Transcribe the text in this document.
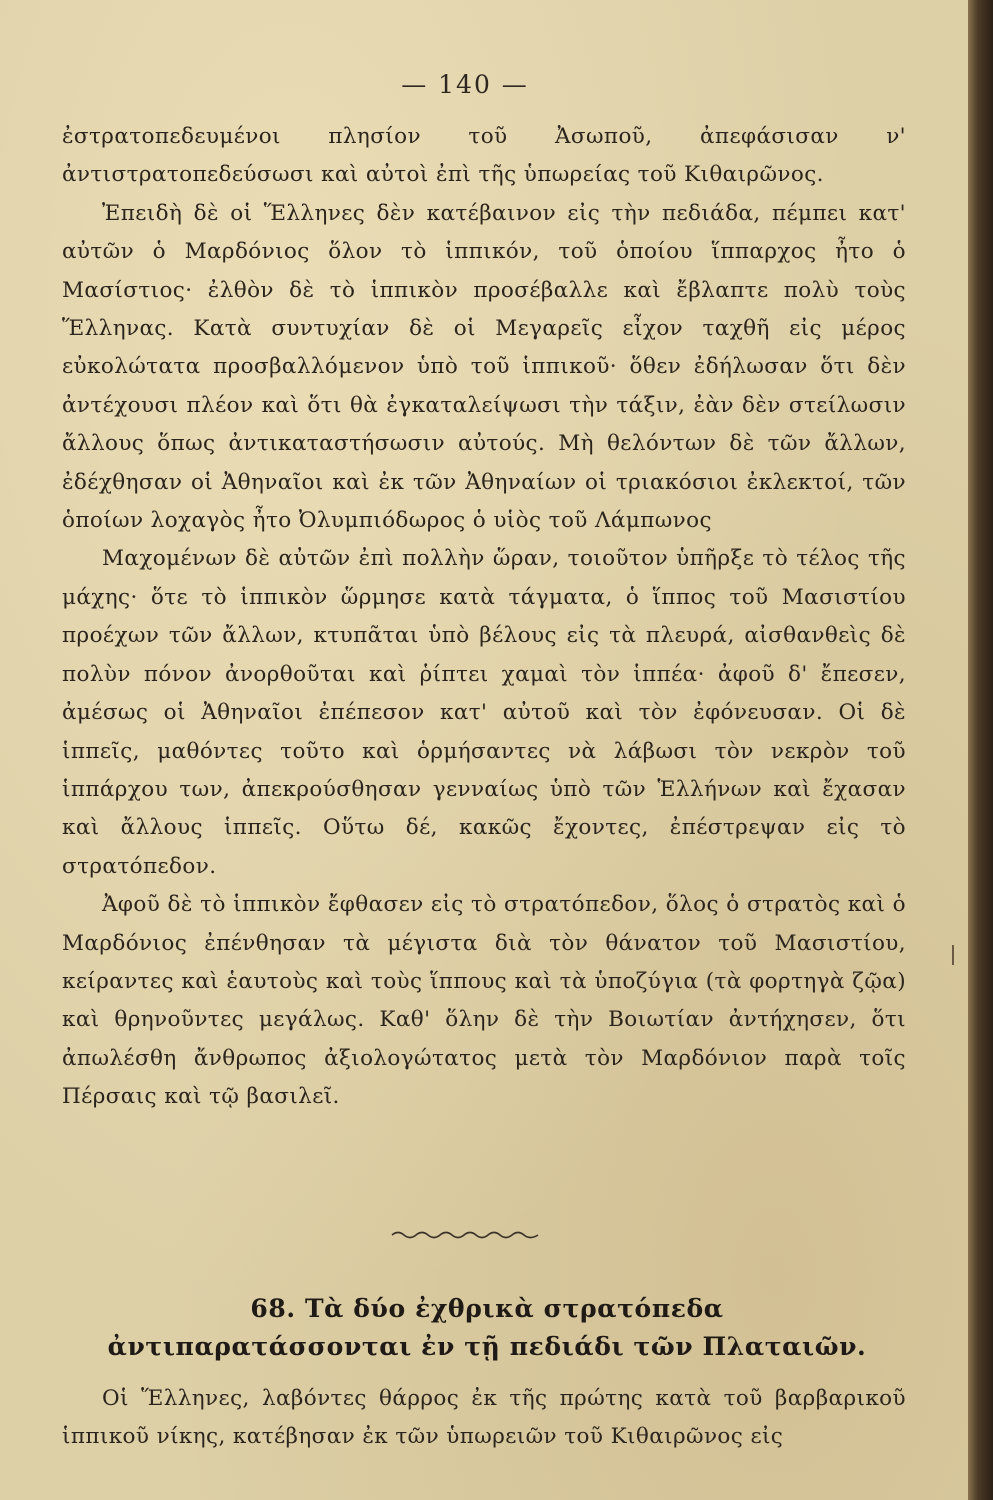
— 140 —

ἐστρατοπεδευμένοι πλησίον τοῦ Ἀσωποῦ, ἀπεφάσισαν ν' ἀντιστρατοπεδεύσωσι καὶ αὐτοὶ ἐπὶ τῆς ὑπωρείας τοῦ Κιθαιρῶνος.

Ἐπειδὴ δὲ οἱ Ἕλληνες δὲν κατέβαινον εἰς τὴν πεδιάδα, πέμπει κατ' αὐτῶν ὁ Μαρδόνιος ὅλον τὸ ἱππικόν, τοῦ ὁποίου ἵππαρχος ἦτο ὁ Μασίστιος· ἐλθὸν δὲ τὸ ἱππικὸν προσέβαλλε καὶ ἔβλαπτε πολὺ τοὺς Ἕλληνας. Κατὰ συντυχίαν δὲ οἱ Μεγαρεῖς εἶχον ταχθῆ εἰς μέρος εὐκολώτατα προσβαλλόμενον ὑπὸ τοῦ ἱππικοῦ· ὅθεν ἐδήλωσαν ὅτι δὲν ἀντέχουσι πλέον καὶ ὅτι θὰ ἐγκαταλείψωσι τὴν τάξιν, ἐὰν δὲν στείλωσιν ἄλλους ὅπως ἀντικαταστήσωσιν αὐτούς. Μὴ θελόντων δὲ τῶν ἄλλων, ἐδέχθησαν οἱ Ἀθηναῖοι καὶ ἐκ τῶν Ἀθηναίων οἱ τριακόσιοι ἐκλεκτοί, τῶν ὁποίων λοχαγὸς ἦτο Ὀλυμπιόδωρος ὁ υἱὸς τοῦ Λάμπωνος

Μαχομένων δὲ αὐτῶν ἐπὶ πολλὴν ὥραν, τοιοῦτον ὑπῆρξε τὸ τέλος τῆς μάχης· ὅτε τὸ ἱππικὸν ὥρμησε κατὰ τάγματα, ὁ ἵππος τοῦ Μασιστίου προέχων τῶν ἄλλων, κτυπᾶται ὑπὸ βέλους εἰς τὰ πλευρά, αἰσθανθεὶς δὲ πολὺν πόνον ἀνορθοῦται καὶ ῥίπτει χαμαὶ τὸν ἱππέα· ἀφοῦ δ' ἔπεσεν, ἀμέσως οἱ Ἀθηναῖοι ἐπέπεσον κατ' αὐτοῦ καὶ τὸν ἐφόνευσαν. Οἱ δὲ ἱππεῖς, μαθόντες τοῦτο καὶ ὁρμήσαντες νὰ λάβωσι τὸν νεκρὸν τοῦ ἱππάρχου των, ἀπεκρούσθησαν γενναίως ὑπὸ τῶν Ἑλλήνων καὶ ἔχασαν καὶ ἄλλους ἱππεῖς. Οὕτω δέ, κακῶς ἔχοντες, ἐπέστρεψαν εἰς τὸ στρατόπεδον.

Ἀφοῦ δὲ τὸ ἱππικὸν ἔφθασεν εἰς τὸ στρατόπεδον, ὅλος ὁ στρατὸς καὶ ὁ Μαρδόνιος ἐπένθησαν τὰ μέγιστα διὰ τὸν θάνατον τοῦ Μασιστίου, κείραντες καὶ ἑαυτοὺς καὶ τοὺς ἵππους καὶ τὰ ὑποζύγια (τὰ φορτηγὰ ζῷα) καὶ θρηνοῦντες μεγάλως. Καθ' ὅλην δὲ τὴν Βοιωτίαν ἀντήχησεν, ὅτι ἀπωλέσθη ἄνθρωπος ἀξιολογώτατος μετὰ τὸν Μαρδόνιον παρὰ τοῖς Πέρσαις καὶ τῷ βασιλεῖ.

68. Τὰ δύο ἐχθρικὰ στρατόπεδα
ἀντιπαρατάσσονται ἐν τῇ πεδιάδι τῶν Πλαταιῶν.

Οἱ Ἕλληνες, λαβόντες θάρρος ἐκ τῆς πρώτης κατὰ τοῦ βαρβαρικοῦ ἱππικοῦ νίκης, κατέβησαν ἐκ τῶν ὑπωρειῶν τοῦ Κιθαιρῶνος εἰς
